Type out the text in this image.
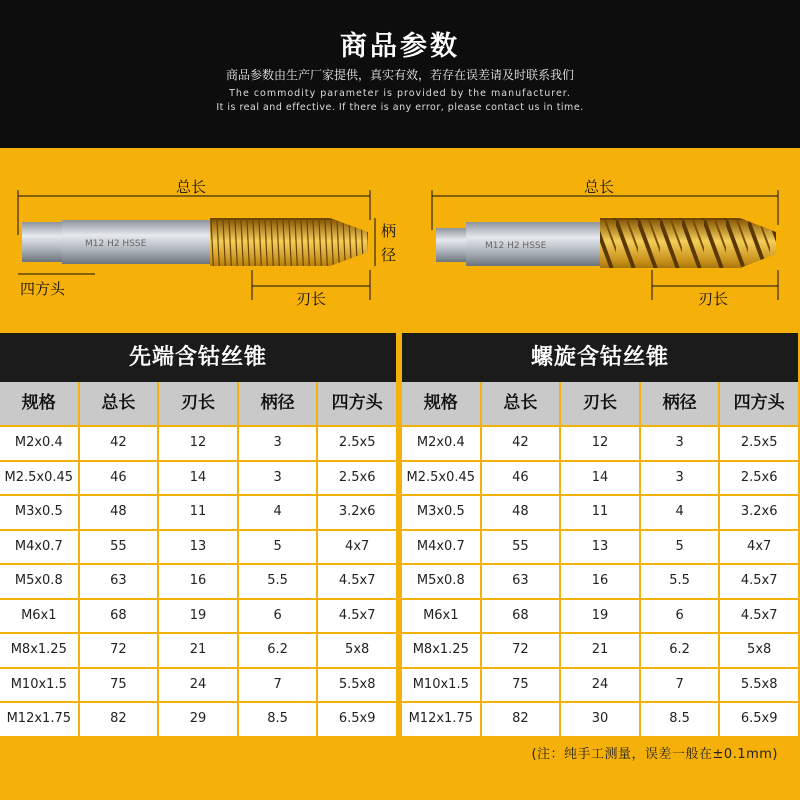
商品参数
商品参数由生产厂家提供，真实有效，若存在误差请及时联系我们
The commodity parameter is provided by the manufacturer.
It is real and effective. If there is any error, please contact us in time.
M12 H2 HSSE	M12 H2 HSSE
总长	总长
四方头
柄
径
刃长	刃长
先端含钴丝锥
规格	总长	刃长	柄径	四方头
M2x0.4	42	12	3	2.5x5
M2.5x0.45	46	14	3	2.5x6
M3x0.5	48	11	4	3.2x6
M4x0.7	55	13	5	4x7
M5x0.8	63	16	5.5	4.5x7
M6x1	68	19	6	4.5x7
M8x1.25	72	21	6.2	5x8
M10x1.5	75	24	7	5.5x8
M12x1.75	82	29	8.5	6.5x9
螺旋含钴丝锥
规格	总长	刃长	柄径	四方头
M2x0.4	42	12	3	2.5x5
M2.5x0.45	46	14	3	2.5x6
M3x0.5	48	11	4	3.2x6
M4x0.7	55	13	5	4x7
M5x0.8	63	16	5.5	4.5x7
M6x1	68	19	6	4.5x7
M8x1.25	72	21	6.2	5x8
M10x1.5	75	24	7	5.5x8
M12x1.75	82	30	8.5	6.5x9
(注：纯手工测量，误差一般在±0.1mm)
